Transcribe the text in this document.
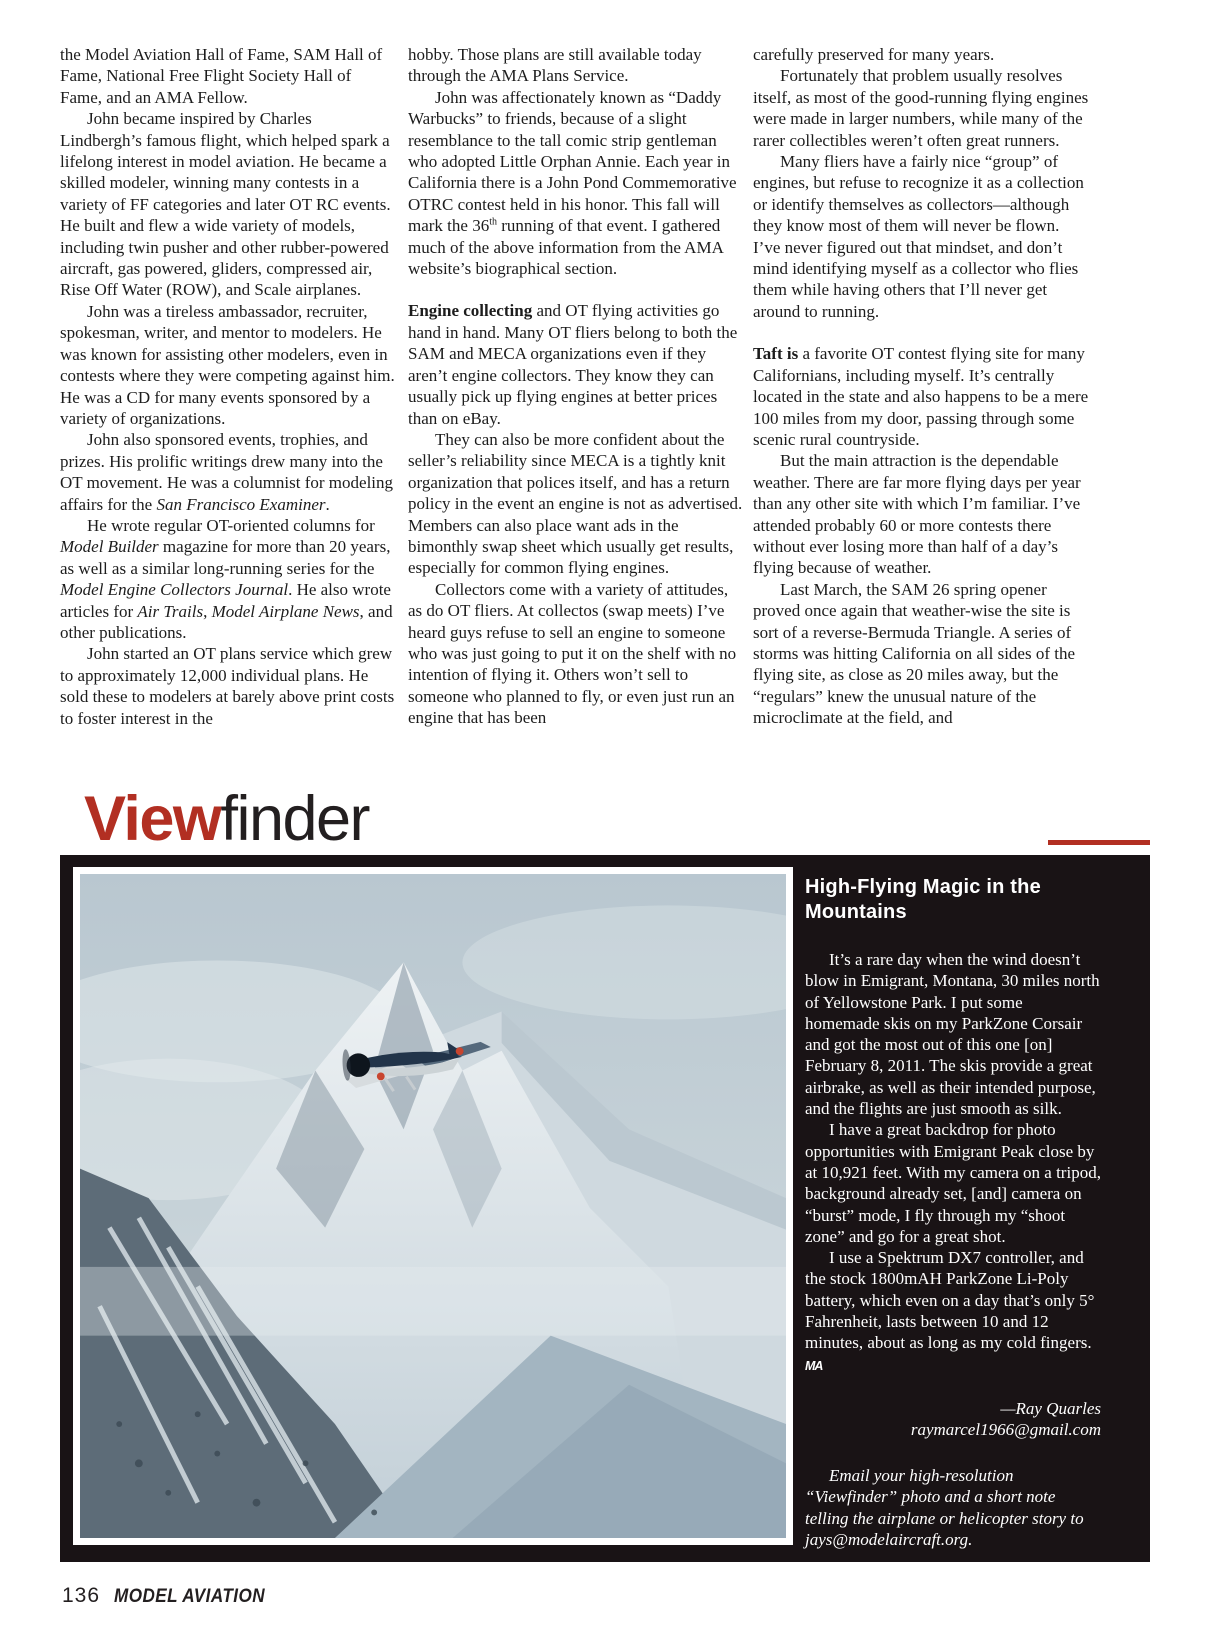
the Model Aviation Hall of Fame, SAM Hall of Fame, National Free Flight Society Hall of Fame, and an AMA Fellow.

John became inspired by Charles Lindbergh’s famous flight, which helped spark a lifelong interest in model aviation. He became a skilled modeler, winning many contests in a variety of FF categories and later OT RC events. He built and flew a wide variety of models, including twin pusher and other rubber-powered aircraft, gas powered, gliders, compressed air, Rise Off Water (ROW), and Scale airplanes.

John was a tireless ambassador, recruiter, spokesman, writer, and mentor to modelers. He was known for assisting other modelers, even in contests where they were competing against him. He was a CD for many events sponsored by a variety of organizations.

John also sponsored events, trophies, and prizes. His prolific writings drew many into the OT movement. He was a columnist for modeling affairs for the San Francisco Examiner.

He wrote regular OT-oriented columns for Model Builder magazine for more than 20 years, as well as a similar long-running series for the Model Engine Collectors Journal. He also wrote articles for Air Trails, Model Airplane News, and other publications.

John started an OT plans service which grew to approximately 12,000 individual plans. He sold these to modelers at barely above print costs to foster interest in the

hobby. Those plans are still available today through the AMA Plans Service.

John was affectionately known as “Daddy Warbucks” to friends, because of a slight resemblance to the tall comic strip gentleman who adopted Little Orphan Annie. Each year in California there is a John Pond Commemorative OTRC contest held in his honor. This fall will mark the 36th running of that event. I gathered much of the above information from the AMA website’s biographical section.

Engine collecting and OT flying activities go hand in hand. Many OT fliers belong to both the SAM and MECA organizations even if they aren’t engine collectors. They know they can usually pick up flying engines at better prices than on eBay.

They can also be more confident about the seller’s reliability since MECA is a tightly knit organization that polices itself, and has a return policy in the event an engine is not as advertised. Members can also place want ads in the bimonthly swap sheet which usually get results, especially for common flying engines.

Collectors come with a variety of attitudes, as do OT fliers. At collectos (swap meets) I’ve heard guys refuse to sell an engine to someone who was just going to put it on the shelf with no intention of flying it. Others won’t sell to someone who planned to fly, or even just run an engine that has been

carefully preserved for many years.

Fortunately that problem usually resolves itself, as most of the good-running flying engines were made in larger numbers, while many of the rarer collectibles weren’t often great runners.

Many fliers have a fairly nice “group” of engines, but refuse to recognize it as a collection or identify themselves as collectors—although they know most of them will never be flown. I’ve never figured out that mindset, and don’t mind identifying myself as a collector who flies them while having others that I’ll never get around to running.

Taft is a favorite OT contest flying site for many Californians, including myself. It’s centrally located in the state and also happens to be a mere 100 miles from my door, passing through some scenic rural countryside.

But the main attraction is the dependable weather. There are far more flying days per year than any other site with which I’m familiar. I’ve attended probably 60 or more contests there without ever losing more than half of a day’s flying because of weather.

Last March, the SAM 26 spring opener proved once again that weather-wise the site is sort of a reverse-Bermuda Triangle. A series of storms was hitting California on all sides of the flying site, as close as 20 miles away, but the “regulars” knew the unusual nature of the microclimate at the field, and

Viewfinder
High-Flying Magic in the Mountains

It’s a rare day when the wind doesn’t blow in Emigrant, Montana, 30 miles north of Yellowstone Park. I put some homemade skis on my ParkZone Corsair and got the most out of this one [on] February 8, 2011. The skis provide a great airbrake, as well as their intended purpose, and the flights are just smooth as silk.

I have a great backdrop for photo opportunities with Emigrant Peak close by at 10,921 feet. With my camera on a tripod, background already set, [and] camera on “burst” mode, I fly through my “shoot zone” and go for a great shot.

I use a Spektrum DX7 controller, and the stock 1800mAH ParkZone Li-Poly battery, which even on a day that’s only 5° Fahrenheit, lasts between 10 and 12 minutes, about as long as my cold fingers. MA

—Ray Quarles
raymarcel1966@gmail.com

Email your high-resolution “Viewfinder” photo and a short note telling the airplane or helicopter story to jays@modelaircraft.org.

136 MODEL AVIATION
